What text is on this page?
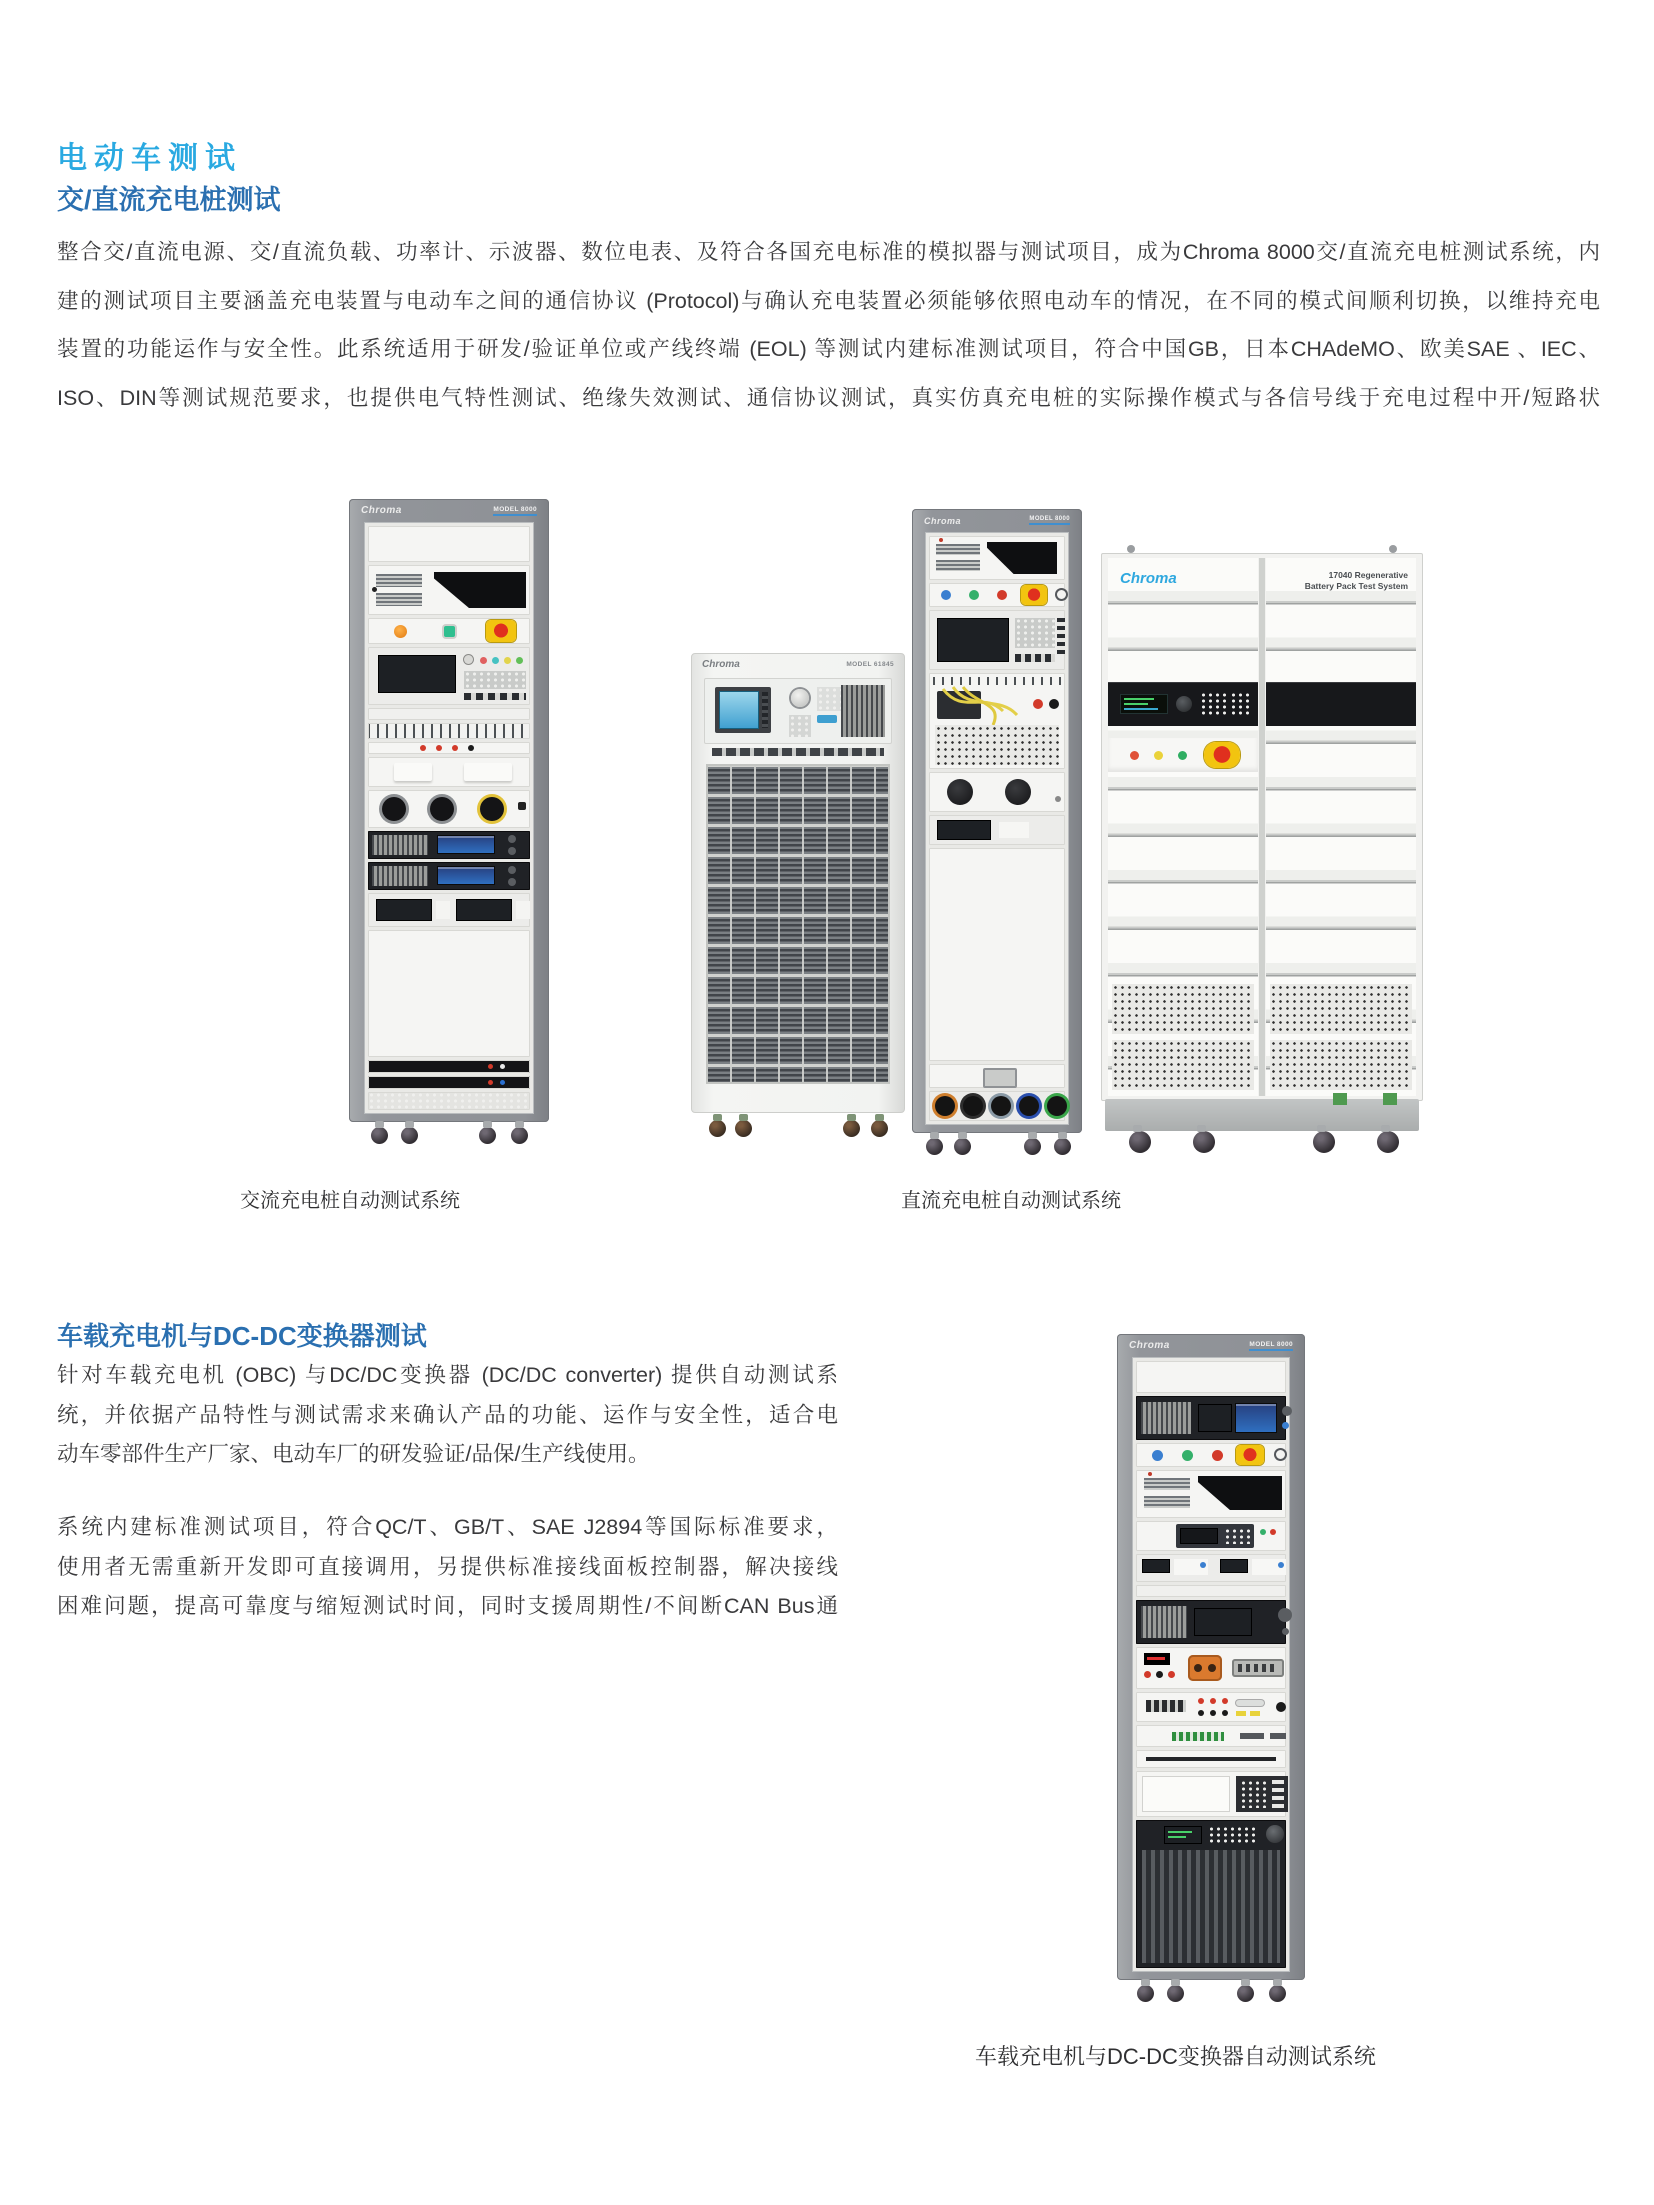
电动车测试
交/直流充电桩测试
整合交/直流电源、交/直流负载、功率计、示波器、数位电表、及符合各国充电标准的模拟器与测试项目，成为Chroma 8000交/直流充电桩测试系统，内
建的测试项目主要涵盖充电装置与电动车之间的通信协议 (Protocol)与确认充电装置必须能够依照电动车的情况，在不同的模式间顺利切换，以维持充电
装置的功能运作与安全性。此系统适用于研发/验证单位或产线终端 (EOL) 等测试内建标准测试项目，符合中国GB，日本CHAdeMO、欧美SAE 、IEC、
ISO、DIN等测试规范要求，也提供电气特性测试、绝缘失效测试、通信协议测试，真实仿真充电桩的实际操作模式与各信号线于充电过程中开/短路状
Chroma	MODEL 8000
Chroma	MODEL 61845
Chroma	MODEL 8000
Chroma	17040 Regenerative
Battery Pack Test System
交流充电桩自动测试系统	直流充电桩自动测试系统
车载充电机与DC-DC变换器测试
针对车载充电机 (OBC) 与DC/DC变换器 (DC/DC converter) 提供自动测试系
统，并依据产品特性与测试需求来确认产品的功能、运作与安全性，适合电
动车零部件生产厂家、电动车厂的研发验证/品保/生产线使用。
系统内建标准测试项目，符合QC/T、GB/T、SAE J2894等国际标准要求，
使用者无需重新开发即可直接调用，另提供标准接线面板控制器，解决接线
困难问题，提高可靠度与缩短测试时间，同时支援周期性/不间断CAN Bus通
Chroma	MODEL 8000
车载充电机与DC-DC变换器自动测试系统
